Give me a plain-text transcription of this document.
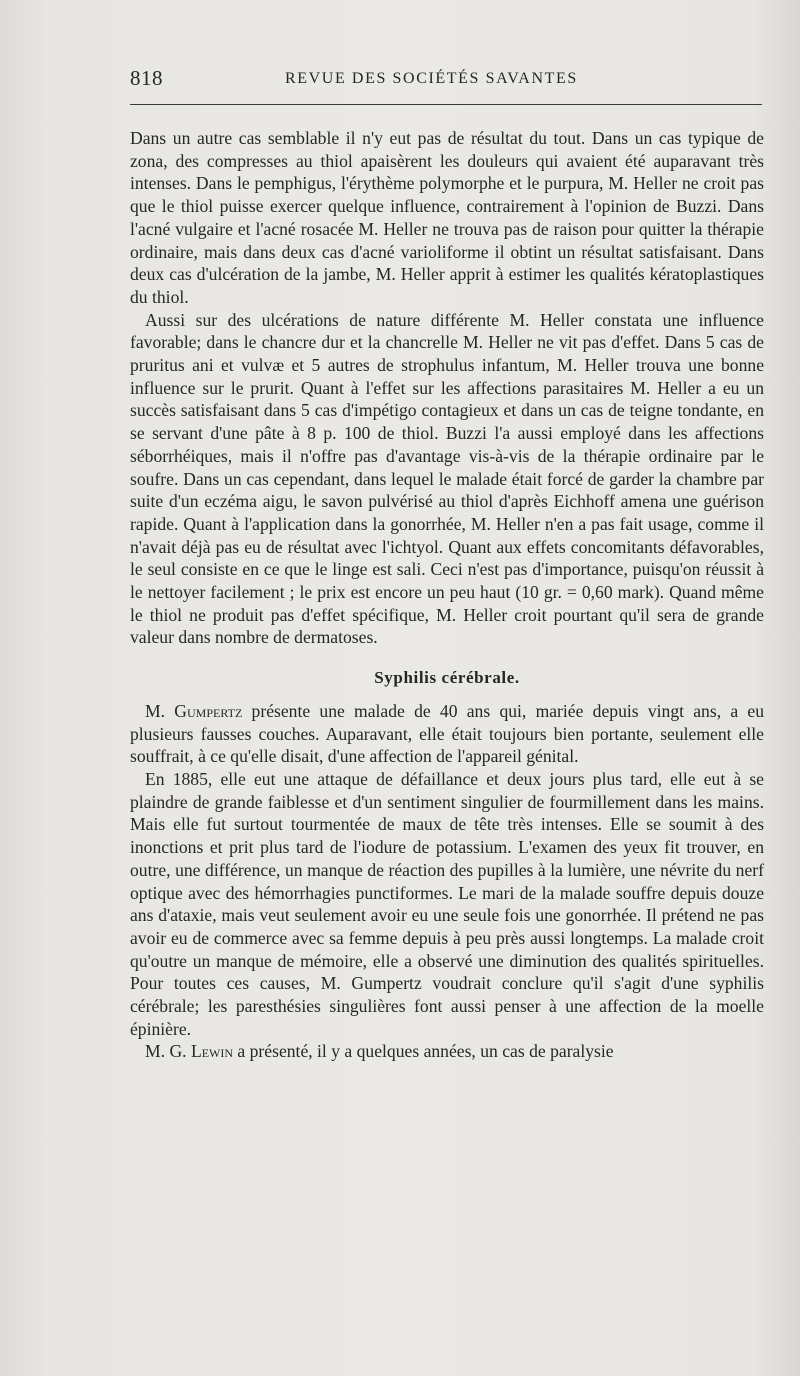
818	REVUE DES SOCIÉTÉS SAVANTES

Dans un autre cas semblable il n'y eut pas de résultat du tout. Dans un cas typique de zona, des compresses au thiol apaisèrent les douleurs qui avaient été auparavant très intenses. Dans le pemphigus, l'érythème polymorphe et le purpura, M. Heller ne croit pas que le thiol puisse exercer quelque influence, contrairement à l'opinion de Buzzi. Dans l'acné vulgaire et l'acné rosacée M. Heller ne trouva pas de raison pour quitter la thérapie ordinaire, mais dans deux cas d'acné varioliforme il obtint un résultat satisfaisant. Dans deux cas d'ulcération de la jambe, M. Heller apprit à estimer les qualités kératoplastiques du thiol.

Aussi sur des ulcérations de nature différente M. Heller constata une influence favorable; dans le chancre dur et la chancrelle M. Heller ne vit pas d'effet. Dans 5 cas de pruritus ani et vulvæ et 5 autres de strophulus infantum, M. Heller trouva une bonne influence sur le prurit. Quant à l'effet sur les affections parasitaires M. Heller a eu un succès satisfaisant dans 5 cas d'impétigo contagieux et dans un cas de teigne tondante, en se servant d'une pâte à 8 p. 100 de thiol. Buzzi l'a aussi employé dans les affections séborrhéiques, mais il n'offre pas d'avantage vis-à-vis de la thérapie ordinaire par le soufre. Dans un cas cependant, dans lequel le malade était forcé de garder la chambre par suite d'un eczéma aigu, le savon pulvérisé au thiol d'après Eichhoff amena une guérison rapide. Quant à l'application dans la gonorrhée, M. Heller n'en a pas fait usage, comme il n'avait déjà pas eu de résultat avec l'ichtyol. Quant aux effets concomitants défavorables, le seul consiste en ce que le linge est sali. Ceci n'est pas d'importance, puisqu'on réussit à le nettoyer facilement ; le prix est encore un peu haut (10 gr. = 0,60 mark). Quand même le thiol ne produit pas d'effet spécifique, M. Heller croit pourtant qu'il sera de grande valeur dans nombre de dermatoses.

Syphilis cérébrale.

M. Gumpertz présente une malade de 40 ans qui, mariée depuis vingt ans, a eu plusieurs fausses couches. Auparavant, elle était toujours bien portante, seulement elle souffrait, à ce qu'elle disait, d'une affection de l'appareil génital.

En 1885, elle eut une attaque de défaillance et deux jours plus tard, elle eut à se plaindre de grande faiblesse et d'un sentiment singulier de fourmillement dans les mains. Mais elle fut surtout tourmentée de maux de tête très intenses. Elle se soumit à des inonctions et prit plus tard de l'iodure de potassium. L'examen des yeux fit trouver, en outre, une différence, un manque de réaction des pupilles à la lumière, une névrite du nerf optique avec des hémorrhagies punctiformes. Le mari de la malade souffre depuis douze ans d'ataxie, mais veut seulement avoir eu une seule fois une gonorrhée. Il prétend ne pas avoir eu de commerce avec sa femme depuis à peu près aussi longtemps. La malade croit qu'outre un manque de mémoire, elle a observé une diminution des qualités spirituelles. Pour toutes ces causes, M. Gumpertz voudrait conclure qu'il s'agit d'une syphilis cérébrale; les paresthésies singulières font aussi penser à une affection de la moelle épinière.

M. G. Lewin a présenté, il y a quelques années, un cas de paralysie
